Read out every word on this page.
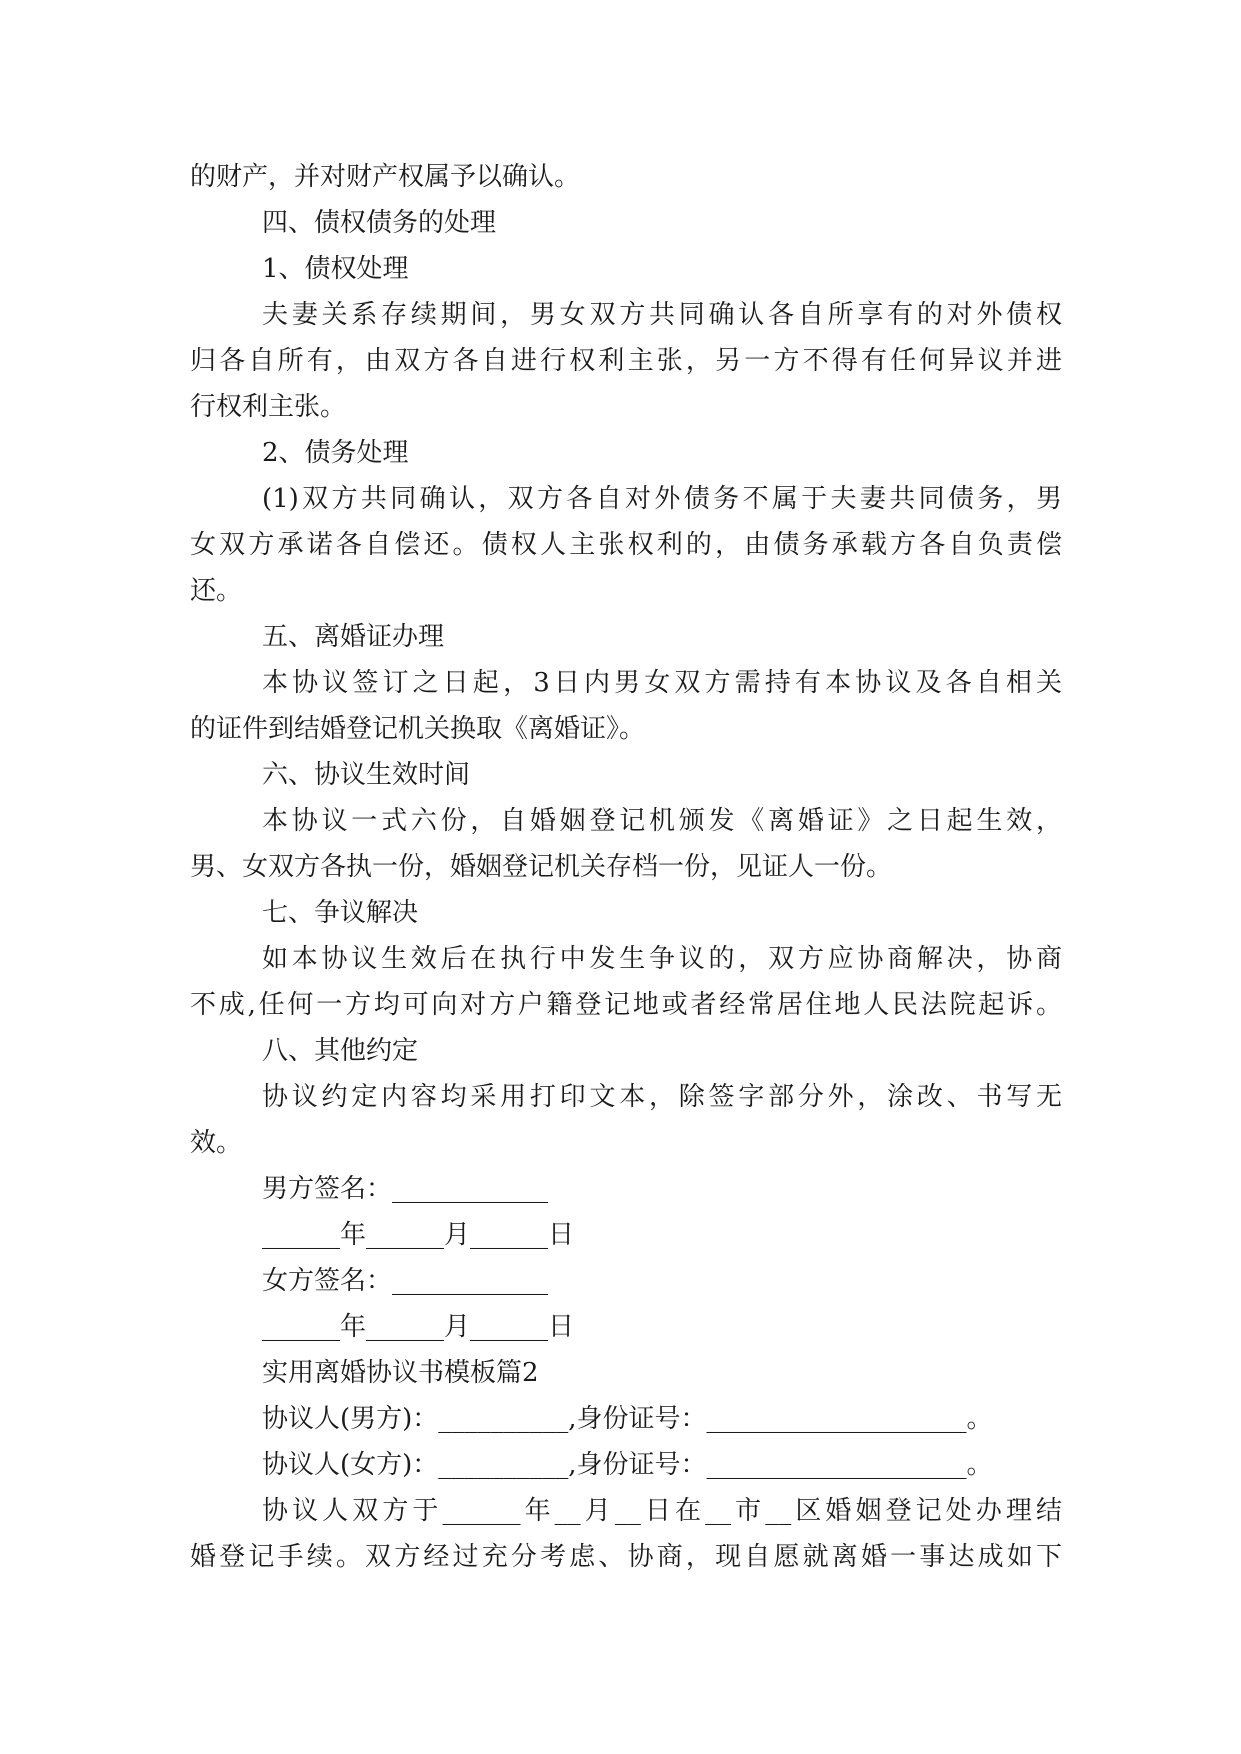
的财产，并对财产权属予以确认。
四、债权债务的处理
1、债权处理
夫妻关系存续期间，男女双方共同确认各自所享有的对外债权
归各自所有，由双方各自进行权利主张，另一方不得有任何异议并进
行权利主张。
2、债务处理
(1)双方共同确认，双方各自对外债务不属于夫妻共同债务，男
女双方承诺各自偿还。债权人主张权利的，由债务承载方各自负责偿
还。
五、离婚证办理
本协议签订之日起，3日内男女双方需持有本协议及各自相关
的证件到结婚登记机关换取《离婚证》。
六、协议生效时间
本协议一式六份，自婚姻登记机颁发《离婚证》之日起生效，
男、女双方各执一份，婚姻登记机关存档一份，见证人一份。
七、争议解决
如本协议生效后在执行中发生争议的，双方应协商解决，协商
不成,任何一方均可向对方户籍登记地或者经常居住地人民法院起诉。
八、其他约定
协议约定内容均采用打印文本，除签字部分外，涂改、书写无
效。
男方签名：____________
______年______月______日
女方签名：____________
______年______月______日
实用离婚协议书模板篇2
协议人(男方)：__________,身份证号：____________________。
协议人(女方)：__________,身份证号：____________________。
协议人双方于______年__月__日在__市__区婚姻登记处办理结
婚登记手续。双方经过充分考虑、协商，现自愿就离婚一事达成如下
